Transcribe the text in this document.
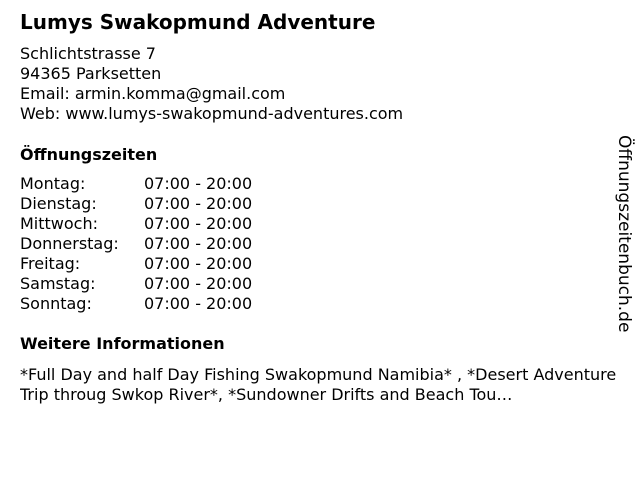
Lumys Swakopmund Adventure
Schlichtstrasse 7
94365 Parksetten
Email: armin.komma@gmail.com
Web: www.lumys-swakopmund-adventures.com
Öffnungszeiten
Montag:	07:00 - 20:00
Dienstag:	07:00 - 20:00
Mittwoch:	07:00 - 20:00
Donnerstag:	07:00 - 20:00
Freitag:	07:00 - 20:00
Samstag:	07:00 - 20:00
Sonntag:	07:00 - 20:00
Weitere Informationen
*Full Day and half Day Fishing Swakopmund Namibia* , *Desert Adventure Trip throug Swkop River*, *Sundowner Drifts and Beach Tou…
Öffnungszeitenbuch.de
